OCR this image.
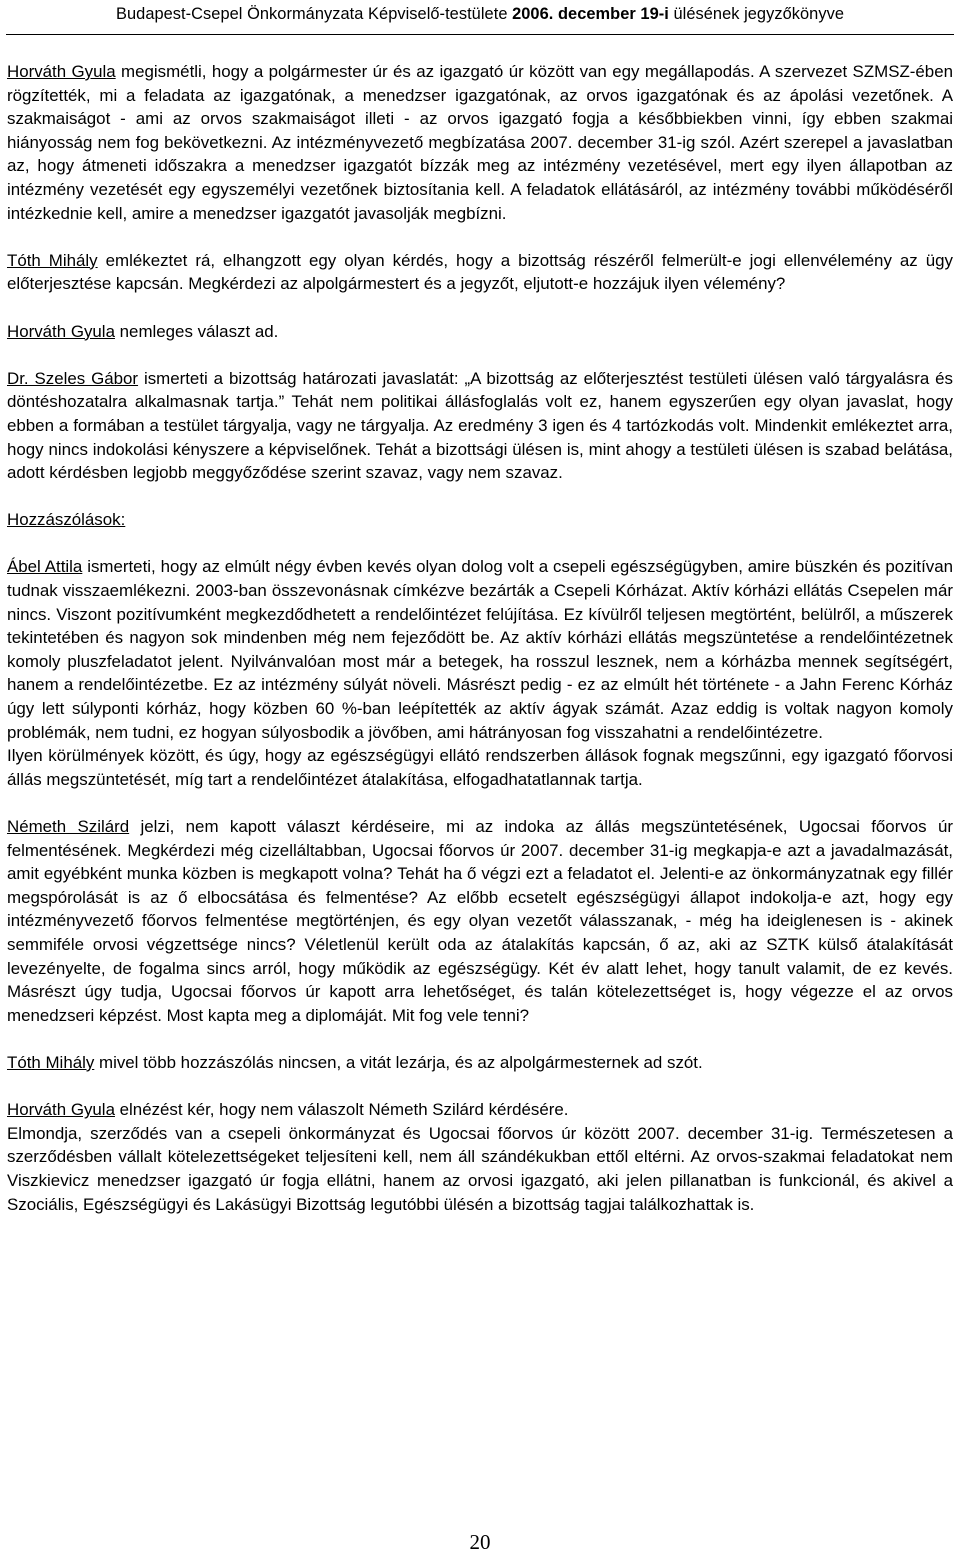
Budapest-Csepel Önkormányzata Képviselő-testülete 2006. december 19-i ülésének jegyzőkönyve

Horváth Gyula megismétli, hogy a polgármester úr és az igazgató úr között van egy megállapodás. A szervezet SZMSZ-ében rögzítették, mi a feladata az igazgatónak, a menedzser igazgatónak, az orvos igazgatónak és az ápolási vezetőnek. A szakmaiságot - ami az orvos szakmaiságot illeti - az orvos igazgató fogja a későbbiekben vinni, így ebben szakmai hiányosság nem fog bekövetkezni. Az intézményvezető megbízatása 2007. december 31-ig szól. Azért szerepel a javaslatban az, hogy átmeneti időszakra a menedzser igazgatót bízzák meg az intézmény vezetésével, mert egy ilyen állapotban az intézmény vezetését egy egyszemélyi vezetőnek biztosítania kell. A feladatok ellátásáról, az intézmény további működéséről intézkednie kell, amire a menedzser igazgatót javasolják megbízni.

Tóth Mihály emlékeztet rá, elhangzott egy olyan kérdés, hogy a bizottság részéről felmerült-e jogi ellenvélemény az ügy előterjesztése kapcsán. Megkérdezi az alpolgármestert és a jegyzőt, eljutott-e hozzájuk ilyen vélemény?

Horváth Gyula nemleges választ ad.

Dr. Szeles Gábor ismerteti a bizottság határozati javaslatát: „A bizottság az előterjesztést testületi ülésen való tárgyalásra és döntéshozatalra alkalmasnak tartja.” Tehát nem politikai állásfoglalás volt ez, hanem egyszerűen egy olyan javaslat, hogy ebben a formában a testület tárgyalja, vagy ne tárgyalja. Az eredmény 3 igen és 4 tartózkodás volt. Mindenkit emlékeztet arra, hogy nincs indokolási kényszere a képviselőnek. Tehát a bizottsági ülésen is, mint ahogy a testületi ülésen is szabad belátása, adott kérdésben legjobb meggyőződése szerint szavaz, vagy nem szavaz.

Hozzászólások:

Ábel Attila ismerteti, hogy az elmúlt négy évben kevés olyan dolog volt a csepeli egészségügyben, amire büszkén és pozitívan tudnak visszaemlékezni. 2003-ban összevonásnak címkézve bezárták a Csepeli Kórházat. Aktív kórházi ellátás Csepelen már nincs. Viszont pozitívumként megkezdődhetett a rendelőintézet felújítása. Ez kívülről teljesen megtörtént, belülről, a műszerek tekintetében és nagyon sok mindenben még nem fejeződött be. Az aktív kórházi ellátás megszüntetése a rendelőintézetnek komoly pluszfeladatot jelent. Nyilvánvalóan most már a betegek, ha rosszul lesznek, nem a kórházba mennek segítségért, hanem a rendelőintézetbe. Ez az intézmény súlyát növeli. Másrészt pedig - ez az elmúlt hét története - a Jahn Ferenc Kórház úgy lett súlyponti kórház, hogy közben 60 %-ban leépítették az aktív ágyak számát. Azaz eddig is voltak nagyon komoly problémák, nem tudni, ez hogyan súlyosbodik a jövőben, ami hátrányosan fog visszahatni a rendelőintézetre.

Ilyen körülmények között, és úgy, hogy az egészségügyi ellátó rendszerben állások fognak megszűnni, egy igazgató főorvosi állás megszüntetését, míg tart a rendelőintézet átalakítása, elfogadhatatlannak tartja.

Németh Szilárd jelzi, nem kapott választ kérdéseire, mi az indoka az állás megszüntetésének, Ugocsai főorvos úr felmentésének. Megkérdezi még cizelláltabban, Ugocsai főorvos úr 2007. december 31-ig megkapja-e azt a javadalmazását, amit egyébként munka közben is megkapott volna? Tehát ha ő végzi ezt a feladatot el. Jelenti-e az önkormányzatnak egy fillér megspórolását is az ő elbocsátása és felmentése? Az előbb ecsetelt egészségügyi állapot indokolja-e azt, hogy egy intézményvezető főorvos felmentése megtörténjen, és egy olyan vezetőt válasszanak, - még ha ideiglenesen is - akinek semmiféle orvosi végzettsége nincs? Véletlenül került oda az átalakítás kapcsán, ő az, aki az SZTK külső átalakítását levezényelte, de fogalma sincs arról, hogy működik az egészségügy. Két év alatt lehet, hogy tanult valamit, de ez kevés. Másrészt úgy tudja, Ugocsai főorvos úr kapott arra lehetőséget, és talán kötelezettséget is, hogy végezze el az orvos menedzseri képzést. Most kapta meg a diplomáját. Mit fog vele tenni?

Tóth Mihály mivel több hozzászólás nincsen, a vitát lezárja, és az alpolgármesternek ad szót.

Horváth Gyula elnézést kér, hogy nem válaszolt Németh Szilárd kérdésére.

Elmondja, szerződés van a csepeli önkormányzat és Ugocsai főorvos úr között 2007. december 31-ig. Természetesen a szerződésben vállalt kötelezettségeket teljesíteni kell, nem áll szándékukban ettől eltérni. Az orvos-szakmai feladatokat nem Viszkievicz menedzser igazgató úr fogja ellátni, hanem az orvosi igazgató, aki jelen pillanatban is funkcionál, és akivel a Szociális, Egészségügyi és Lakásügyi Bizottság legutóbbi ülésén a bizottság tagjai találkozhattak is.

20
